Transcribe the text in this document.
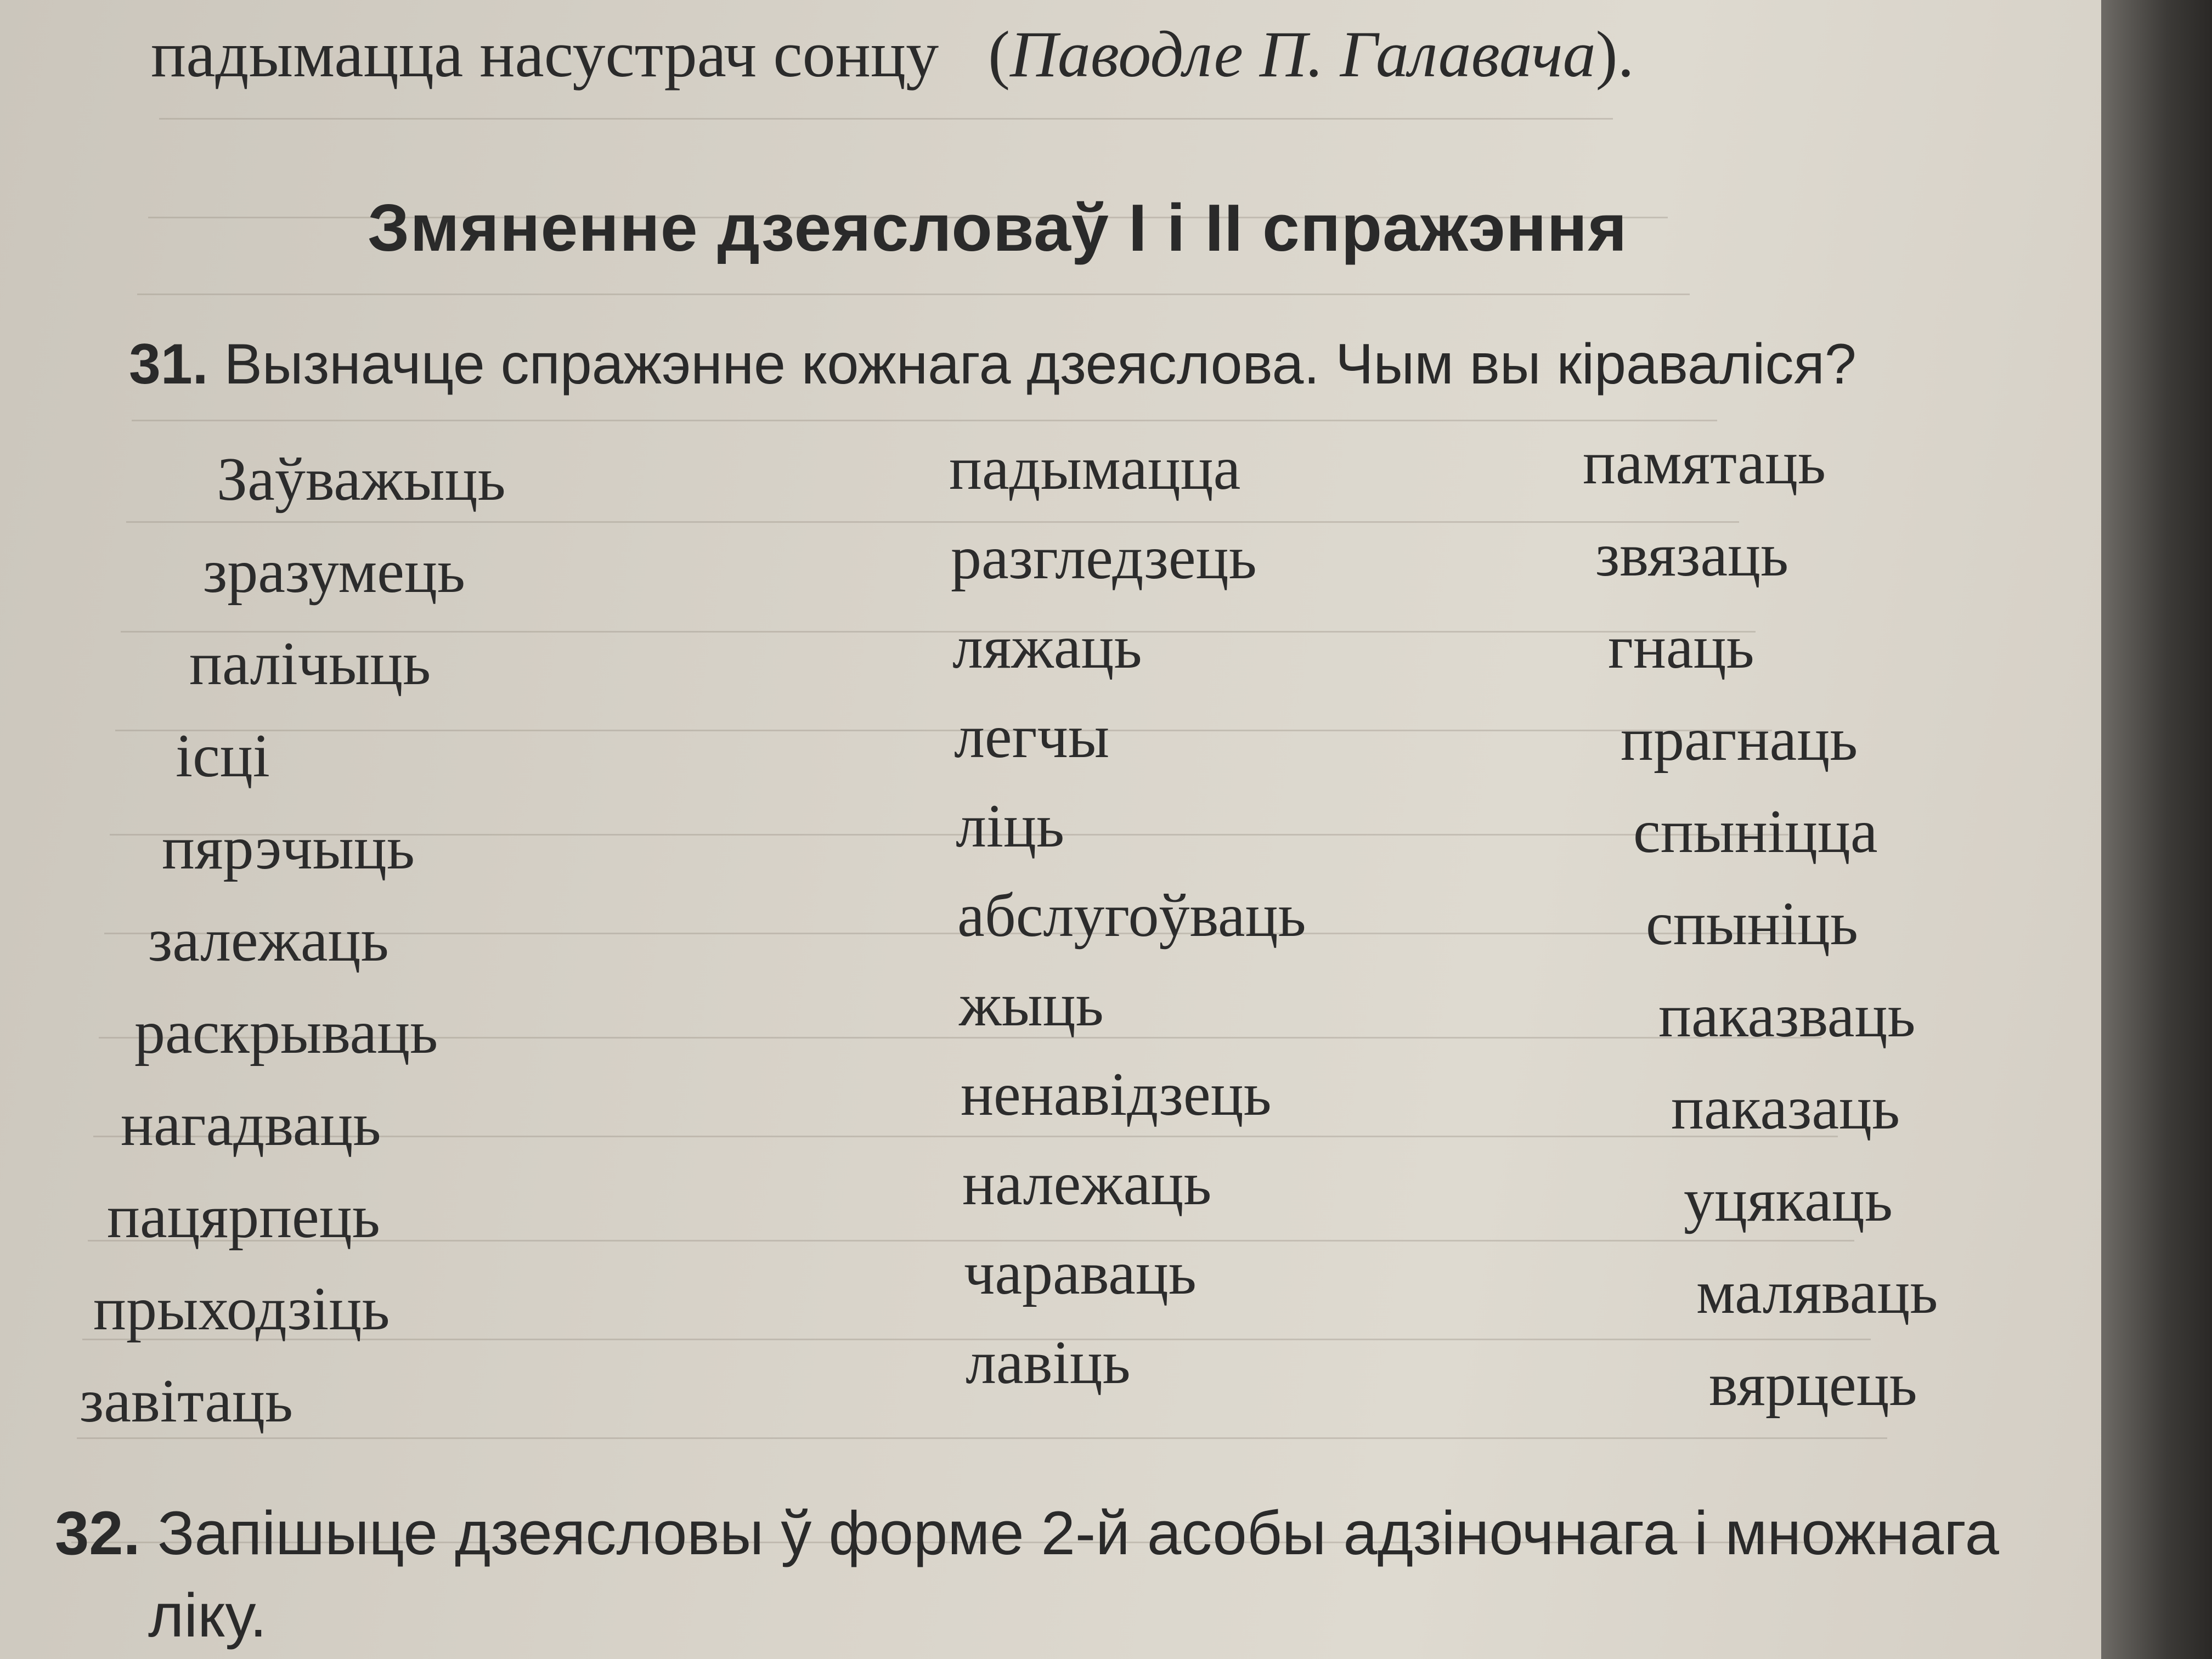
падымацца насустрач сонцу (Паводле П. Галавача).
Змяненне дзеясловаў I і II спражэння
31. Вызначце спражэнне кожнага дзеяслова. Чым вы кіраваліся?
Заўважыць
зразумець
палічыць
ісці
пярэчыць
залежаць
раскрываць
нагадваць
пацярпець
прыходзіць
завітаць
падымацца
разгледзець
ляжаць
легчы
ліць
абслугоўваць
жыць
ненавідзець
належаць
чараваць
лавіць
памятаць
звязаць
гнаць
прагнаць
спыніцца
спыніць
паказваць
паказаць
уцякаць
маляваць
вярцець
32. Запішыце дзеясловы ў форме 2-й асобы адзіночнага і множнага
ліку.
